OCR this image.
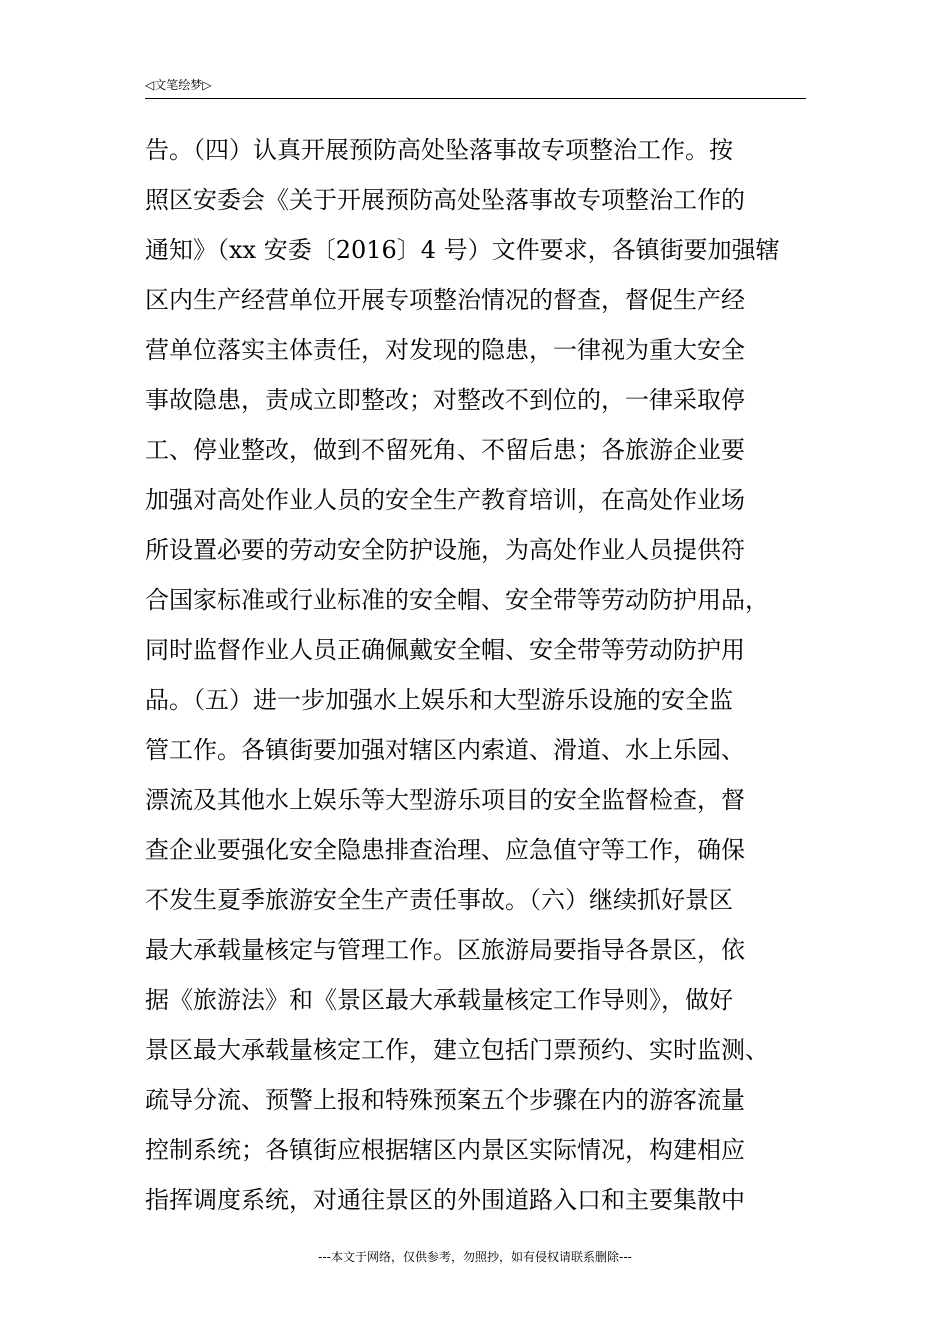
◁文笔绘梦▷
告。（四）认真开展预防高处坠落事故专项整治工作。按
照区安委会《关于开展预防高处坠落事故专项整治工作的
通知》（xx 安委〔2016〕4 号）文件要求，各镇街要加强辖
区内生产经营单位开展专项整治情况的督查，督促生产经
营单位落实主体责任，对发现的隐患，一律视为重大安全
事故隐患，责成立即整改；对整改不到位的，一律采取停
工、停业整改，做到不留死角、不留后患；各旅游企业要
加强对高处作业人员的安全生产教育培训，在高处作业场
所设置必要的劳动安全防护设施，为高处作业人员提供符
合国家标准或行业标准的安全帽、安全带等劳动防护用品，
同时监督作业人员正确佩戴安全帽、安全带等劳动防护用
品。（五）进一步加强水上娱乐和大型游乐设施的安全监
管工作。各镇街要加强对辖区内索道、滑道、水上乐园、
漂流及其他水上娱乐等大型游乐项目的安全监督检查，督
查企业要强化安全隐患排查治理、应急值守等工作，确保
不发生夏季旅游安全生产责任事故。（六）继续抓好景区
最大承载量核定与管理工作。区旅游局要指导各景区，依
据《旅游法》和《景区最大承载量核定工作导则》，做好
景区最大承载量核定工作，建立包括门票预约、实时监测、
疏导分流、预警上报和特殊预案五个步骤在内的游客流量
控制系统；各镇街应根据辖区内景区实际情况，构建相应
指挥调度系统，对通往景区的外围道路入口和主要集散中
---本文于网络，仅供参考，勿照抄，如有侵权请联系删除---
